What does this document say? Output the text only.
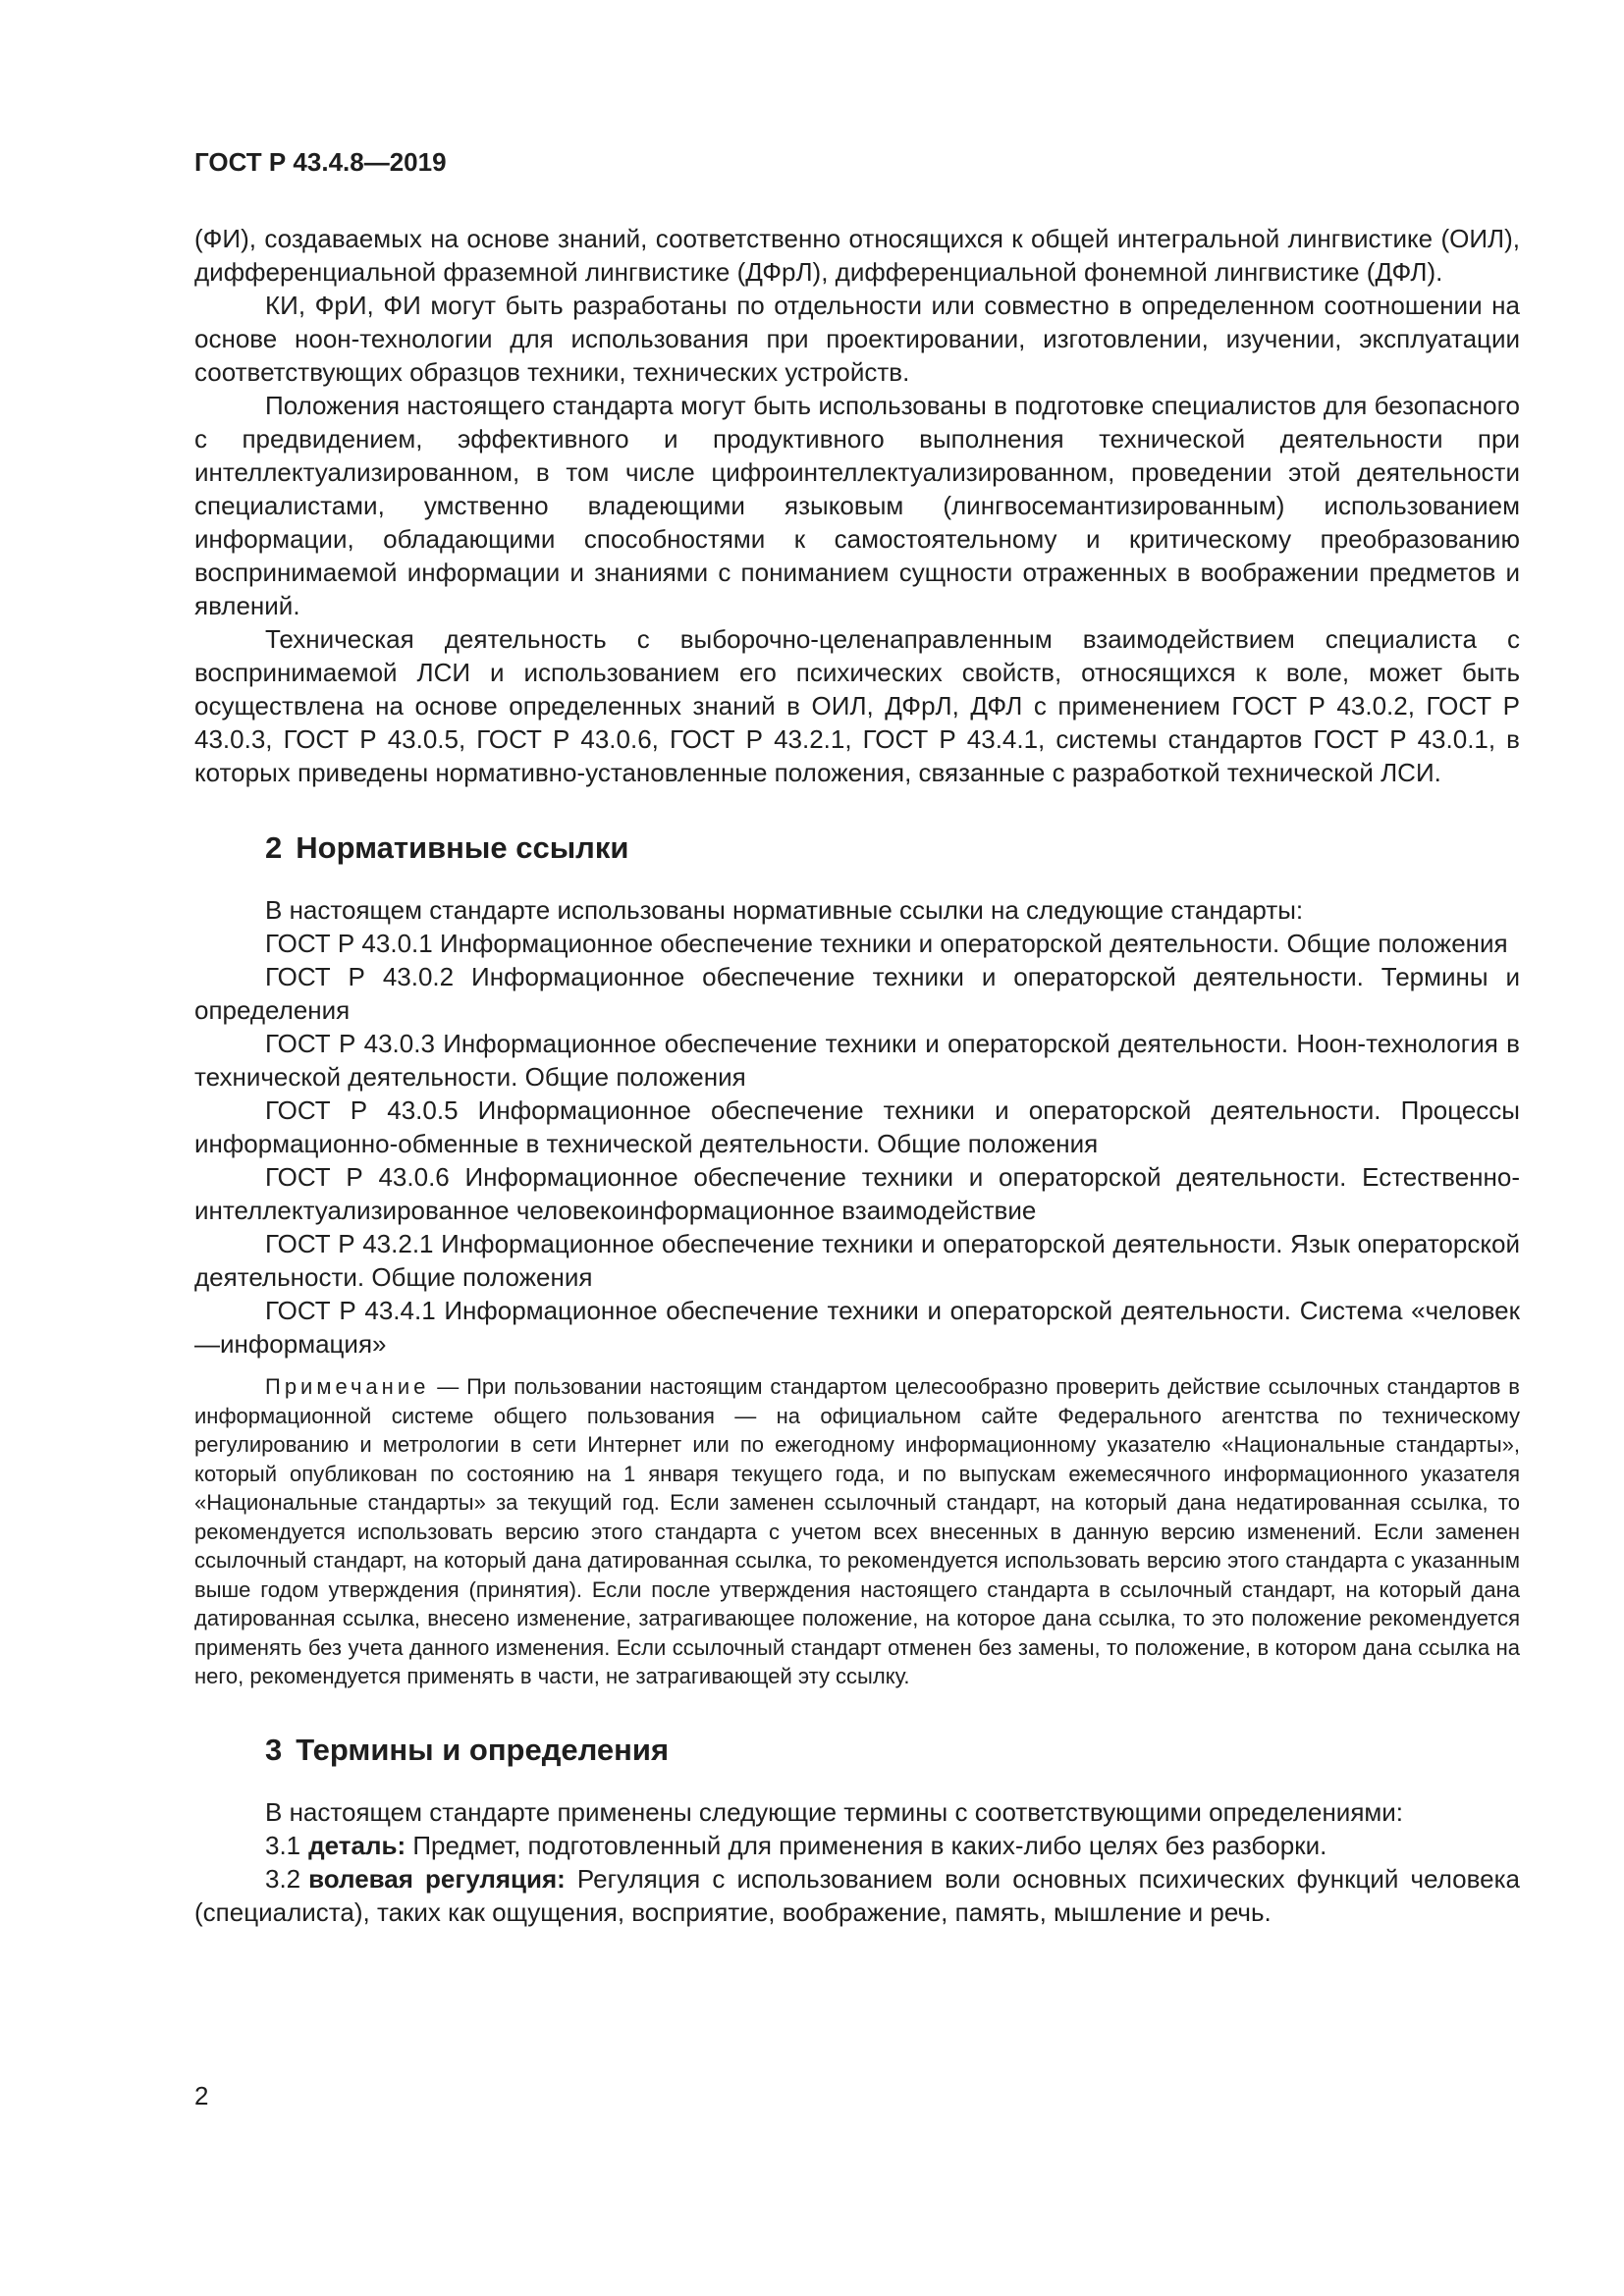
ГОСТ Р 43.4.8—2019

(ФИ), создаваемых на основе знаний, соответственно относящихся к общей интегральной лингвистике (ОИЛ), дифференциальной фраземной лингвистике (ДФрЛ), дифференциальной фонемной лингвистике (ДФЛ).

КИ, ФрИ, ФИ могут быть разработаны по отдельности или совместно в определенном соотношении на основе ноон-технологии для использования при проектировании, изготовлении, изучении, эксплуатации соответствующих образцов техники, технических устройств.

Положения настоящего стандарта могут быть использованы в подготовке специалистов для безопасного с предвидением, эффективного и продуктивного выполнения технической деятельности при интеллектуализированном, в том числе цифроинтеллектуализированном, проведении этой деятельности специалистами, умственно владеющими языковым (лингвосемантизированным) использованием информации, обладающими способностями к самостоятельному и критическому преобразованию воспринимаемой информации и знаниями с пониманием сущности отраженных в воображении предметов и явлений.

Техническая деятельность с выборочно-целенаправленным взаимодействием специалиста с воспринимаемой ЛСИ и использованием его психических свойств, относящихся к воле, может быть осуществлена на основе определенных знаний в ОИЛ, ДФрЛ, ДФЛ с применением ГОСТ Р 43.0.2, ГОСТ Р 43.0.3, ГОСТ Р 43.0.5, ГОСТ Р 43.0.6, ГОСТ Р 43.2.1, ГОСТ Р 43.4.1, системы стандартов ГОСТ Р 43.0.1, в которых приведены нормативно-установленные положения, связанные с разработкой технической ЛСИ.

2 Нормативные ссылки

В настоящем стандарте использованы нормативные ссылки на следующие стандарты:

ГОСТ Р 43.0.1 Информационное обеспечение техники и операторской деятельности. Общие положения

ГОСТ Р 43.0.2 Информационное обеспечение техники и операторской деятельности. Термины и определения

ГОСТ Р 43.0.3 Информационное обеспечение техники и операторской деятельности. Ноон-технология в технической деятельности. Общие положения

ГОСТ Р 43.0.5 Информационное обеспечение техники и операторской деятельности. Процессы информационно-обменные в технической деятельности. Общие положения

ГОСТ Р 43.0.6 Информационное обеспечение техники и операторской деятельности. Естественно-интеллектуализированное человекоинформационное взаимодействие

ГОСТ Р 43.2.1 Информационное обеспечение техники и операторской деятельности. Язык операторской деятельности. Общие положения

ГОСТ Р 43.4.1 Информационное обеспечение техники и операторской деятельности. Система «человек—информация»

Примечание — При пользовании настоящим стандартом целесообразно проверить действие ссылочных стандартов в информационной системе общего пользования — на официальном сайте Федерального агентства по техническому регулированию и метрологии в сети Интернет или по ежегодному информационному указателю «Национальные стандарты», который опубликован по состоянию на 1 января текущего года, и по выпускам ежемесячного информационного указателя «Национальные стандарты» за текущий год. Если заменен ссылочный стандарт, на который дана недатированная ссылка, то рекомендуется использовать версию этого стандарта с учетом всех внесенных в данную версию изменений. Если заменен ссылочный стандарт, на который дана датированная ссылка, то рекомендуется использовать версию этого стандарта с указанным выше годом утверждения (принятия). Если после утверждения настоящего стандарта в ссылочный стандарт, на который дана датированная ссылка, внесено изменение, затрагивающее положение, на которое дана ссылка, то это положение рекомендуется применять без учета данного изменения. Если ссылочный стандарт отменен без замены, то положение, в котором дана ссылка на него, рекомендуется применять в части, не затрагивающей эту ссылку.

3 Термины и определения

В настоящем стандарте применены следующие термины с соответствующими определениями:

3.1 деталь: Предмет, подготовленный для применения в каких-либо целях без разборки.

3.2 волевая регуляция: Регуляция с использованием воли основных психических функций человека (специалиста), таких как ощущения, восприятие, воображение, память, мышление и речь.

2
